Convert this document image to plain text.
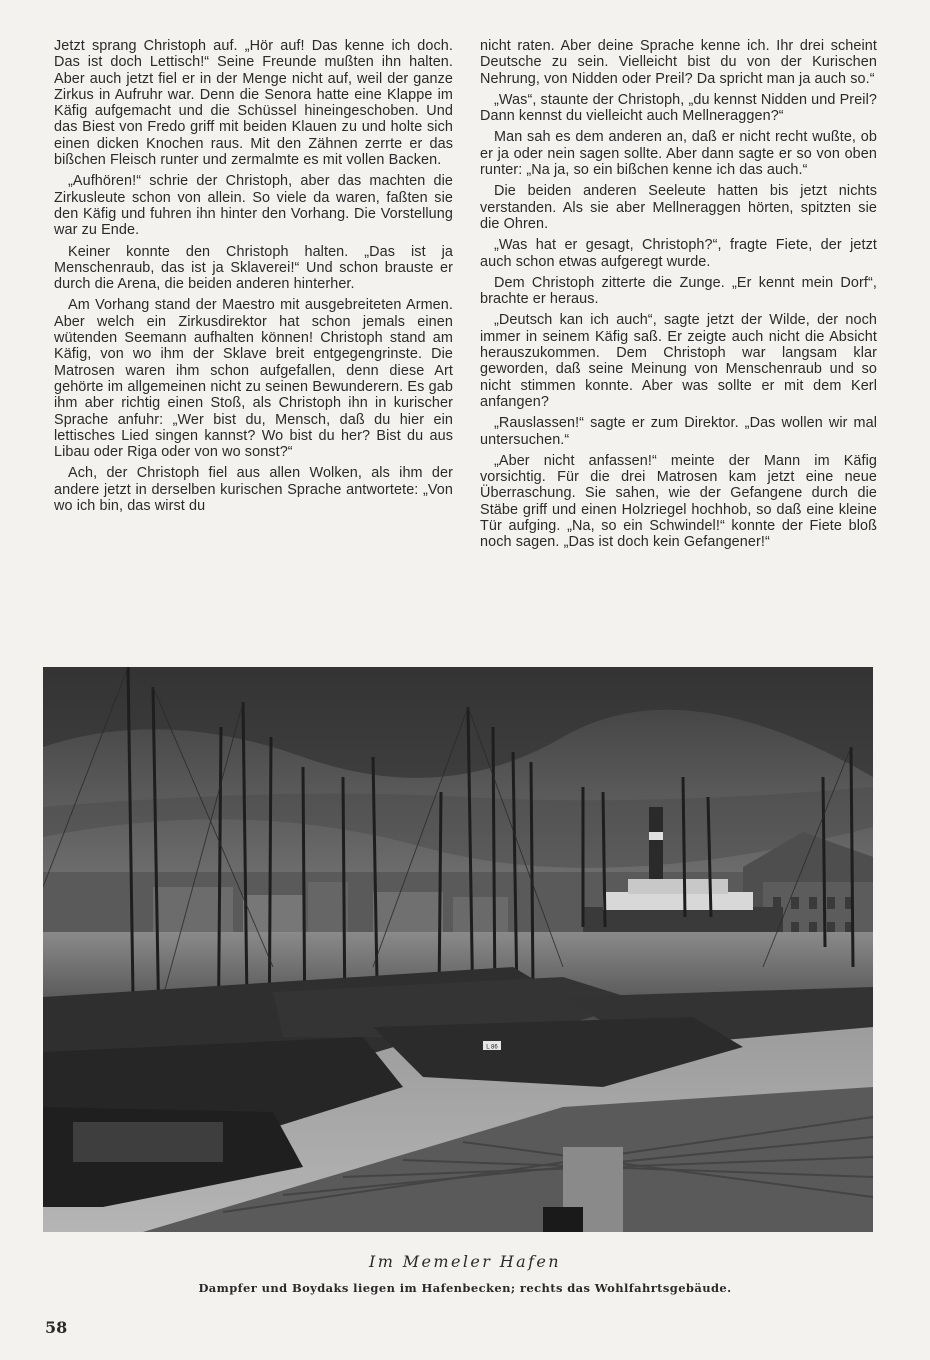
Jetzt sprang Christoph auf. „Hör auf! Das kenne ich doch. Das ist doch Lettisch!“ Seine Freunde mußten ihn halten. Aber auch jetzt fiel er in der Menge nicht auf, weil der ganze Zirkus in Aufruhr war. Denn die Senora hatte eine Klappe im Käfig aufgemacht und die Schüssel hineingeschoben. Und das Biest von Fredo griff mit beiden Klauen zu und holte sich einen dicken Knochen raus. Mit den Zähnen zerrte er das bißchen Fleisch runter und zermalmte es mit vollen Backen.

„Aufhören!“ schrie der Christoph, aber das machten die Zirkusleute schon von allein. So viele da waren, faßten sie den Käfig und fuhren ihn hinter den Vorhang. Die Vorstellung war zu Ende.

Keiner konnte den Christoph halten. „Das ist ja Menschenraub, das ist ja Sklaverei!“ Und schon brauste er durch die Arena, die beiden anderen hinterher.

Am Vorhang stand der Maestro mit ausgebreiteten Armen. Aber welch ein Zirkusdirektor hat schon jemals einen wütenden Seemann aufhalten können! Christoph stand am Käfig, von wo ihm der Sklave breit entgegengrinste. Die Matrosen waren ihm schon aufgefallen, denn diese Art gehörte im allgemeinen nicht zu seinen Bewunderern. Es gab ihm aber richtig einen Stoß, als Christoph ihn in kurischer Sprache anfuhr: „Wer bist du, Mensch, daß du hier ein lettisches Lied singen kannst? Wo bist du her? Bist du aus Libau oder Riga oder von wo sonst?“

Ach, der Christoph fiel aus allen Wolken, als ihm der andere jetzt in derselben kurischen Sprache antwortete: „Von wo ich bin, das wirst du

nicht raten. Aber deine Sprache kenne ich. Ihr drei scheint Deutsche zu sein. Vielleicht bist du von der Kurischen Nehrung, von Nidden oder Preil? Da spricht man ja auch so.“

„Was“, staunte der Christoph, „du kennst Nidden und Preil? Dann kennst du vielleicht auch Mellneraggen?“

Man sah es dem anderen an, daß er nicht recht wußte, ob er ja oder nein sagen sollte. Aber dann sagte er so von oben runter: „Na ja, so ein bißchen kenne ich das auch.“

Die beiden anderen Seeleute hatten bis jetzt nichts verstanden. Als sie aber Mellneraggen hörten, spitzten sie die Ohren.

„Was hat er gesagt, Christoph?“, fragte Fiete, der jetzt auch schon etwas aufgeregt wurde.

Dem Christoph zitterte die Zunge. „Er kennt mein Dorf“, brachte er heraus.

„Deutsch kan ich auch“, sagte jetzt der Wilde, der noch immer in seinem Käfig saß. Er zeigte auch nicht die Absicht herauszukommen. Dem Christoph war langsam klar geworden, daß seine Meinung von Menschenraub und so nicht stimmen konnte. Aber was sollte er mit dem Kerl anfangen?

„Rauslassen!“ sagte er zum Direktor. „Das wollen wir mal untersuchen.“

„Aber nicht anfassen!“ meinte der Mann im Käfig vorsichtig. Für die drei Matrosen kam jetzt eine neue Überraschung. Sie sahen, wie der Gefangene durch die Stäbe griff und einen Holzriegel hochhob, so daß eine kleine Tür aufging. „Na, so ein Schwindel!“ konnte der Fiete bloß noch sagen. „Das ist doch kein Gefangener!“

L 86
Im Memeler Hafen
Dampfer und Boydaks liegen im Hafenbecken; rechts das Wohlfahrtsgebäude.
58
